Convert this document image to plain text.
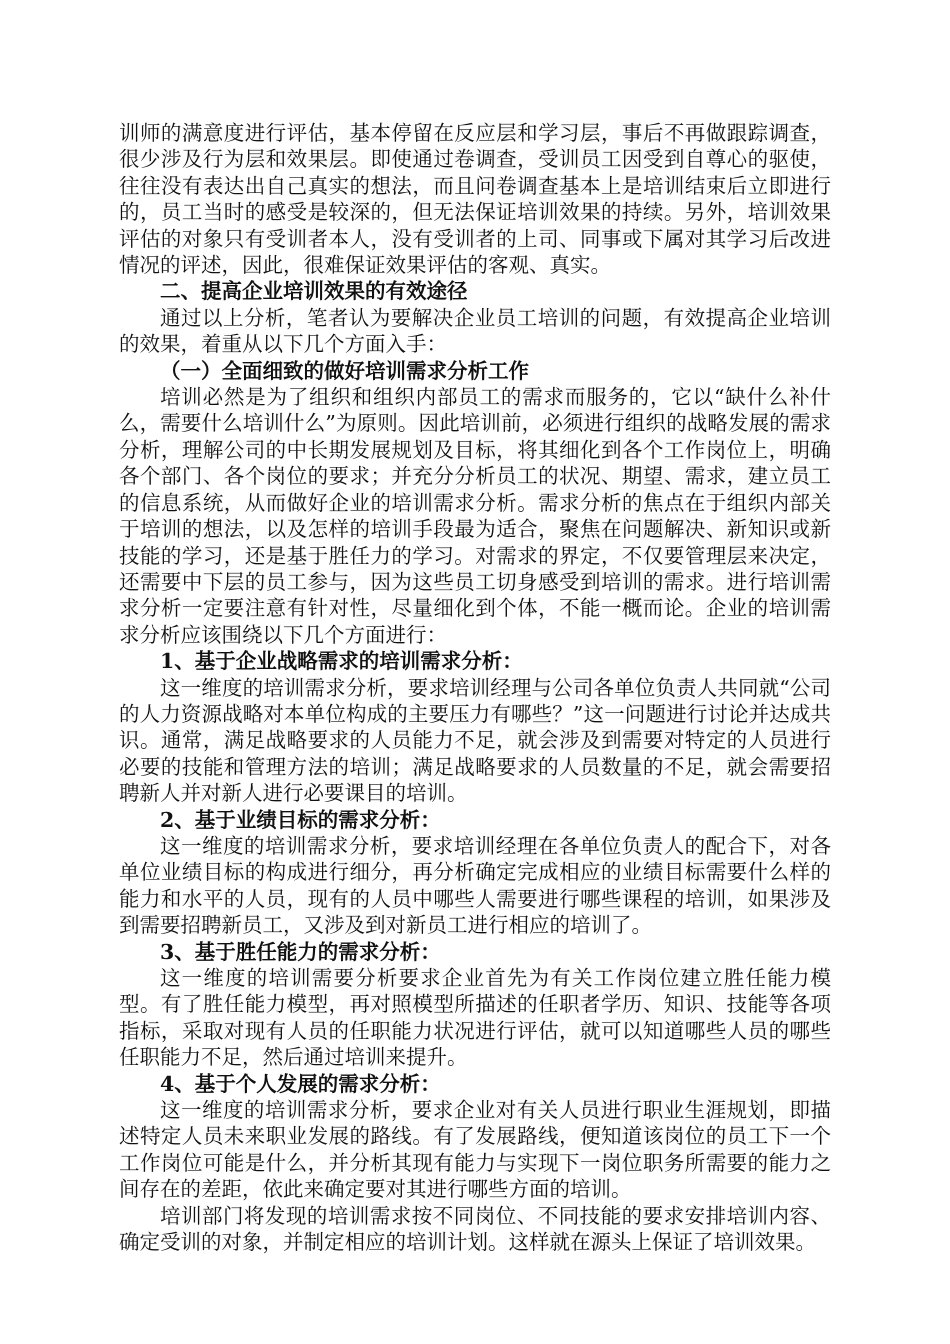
训师的满意度进行评估，基本停留在反应层和学习层，事后不再做跟踪调查，很少涉及行为层和效果层。即使通过卷调查，受训员工因受到自尊心的驱使，往往没有表达出自己真实的想法，而且问卷调查基本上是培训结束后立即进行的，员工当时的感受是较深的，但无法保证培训效果的持续。另外，培训效果评估的对象只有受训者本人，没有受训者的上司、同事或下属对其学习后改进情况的评述，因此，很难保证效果评估的客观、真实。

二、提高企业培训效果的有效途径

通过以上分析，笔者认为要解决企业员工培训的问题，有效提高企业培训的效果，着重从以下几个方面入手：

（一）全面细致的做好培训需求分析工作

培训必然是为了组织和组织内部员工的需求而服务的，它以“缺什么补什么，需要什么培训什么”为原则。因此培训前，必须进行组织的战略发展的需求分析，理解公司的中长期发展规划及目标，将其细化到各个工作岗位上，明确各个部门、各个岗位的要求；并充分分析员工的状况、期望、需求，建立员工的信息系统，从而做好企业的培训需求分析。需求分析的焦点在于组织内部关于培训的想法，以及怎样的培训手段最为适合，聚焦在问题解决、新知识或新技能的学习，还是基于胜任力的学习。对需求的界定，不仅要管理层来决定，还需要中下层的员工参与，因为这些员工切身感受到培训的需求。进行培训需求分析一定要注意有针对性，尽量细化到个体，不能一概而论。企业的培训需求分析应该围绕以下几个方面进行：

1、基于企业战略需求的培训需求分析：

这一维度的培训需求分析，要求培训经理与公司各单位负责人共同就“公司的人力资源战略对本单位构成的主要压力有哪些？”这一问题进行讨论并达成共识。通常，满足战略要求的人员能力不足，就会涉及到需要对特定的人员进行必要的技能和管理方法的培训；满足战略要求的人员数量的不足，就会需要招聘新人并对新人进行必要课目的培训。

2、基于业绩目标的需求分析：

这一维度的培训需求分析，要求培训经理在各单位负责人的配合下，对各单位业绩目标的构成进行细分，再分析确定完成相应的业绩目标需要什么样的能力和水平的人员，现有的人员中哪些人需要进行哪些课程的培训，如果涉及到需要招聘新员工，又涉及到对新员工进行相应的培训了。

3、基于胜任能力的需求分析：

这一维度的培训需要分析要求企业首先为有关工作岗位建立胜任能力模型。有了胜任能力模型，再对照模型所描述的任职者学历、知识、技能等各项指标，采取对现有人员的任职能力状况进行评估，就可以知道哪些人员的哪些任职能力不足，然后通过培训来提升。

4、基于个人发展的需求分析：

这一维度的培训需求分析，要求企业对有关人员进行职业生涯规划，即描述特定人员未来职业发展的路线。有了发展路线，便知道该岗位的员工下一个工作岗位可能是什么，并分析其现有能力与实现下一岗位职务所需要的能力之间存在的差距，依此来确定要对其进行哪些方面的培训。

培训部门将发现的培训需求按不同岗位、不同技能的要求安排培训内容、确定受训的对象，并制定相应的培训计划。这样就在源头上保证了培训效果。
